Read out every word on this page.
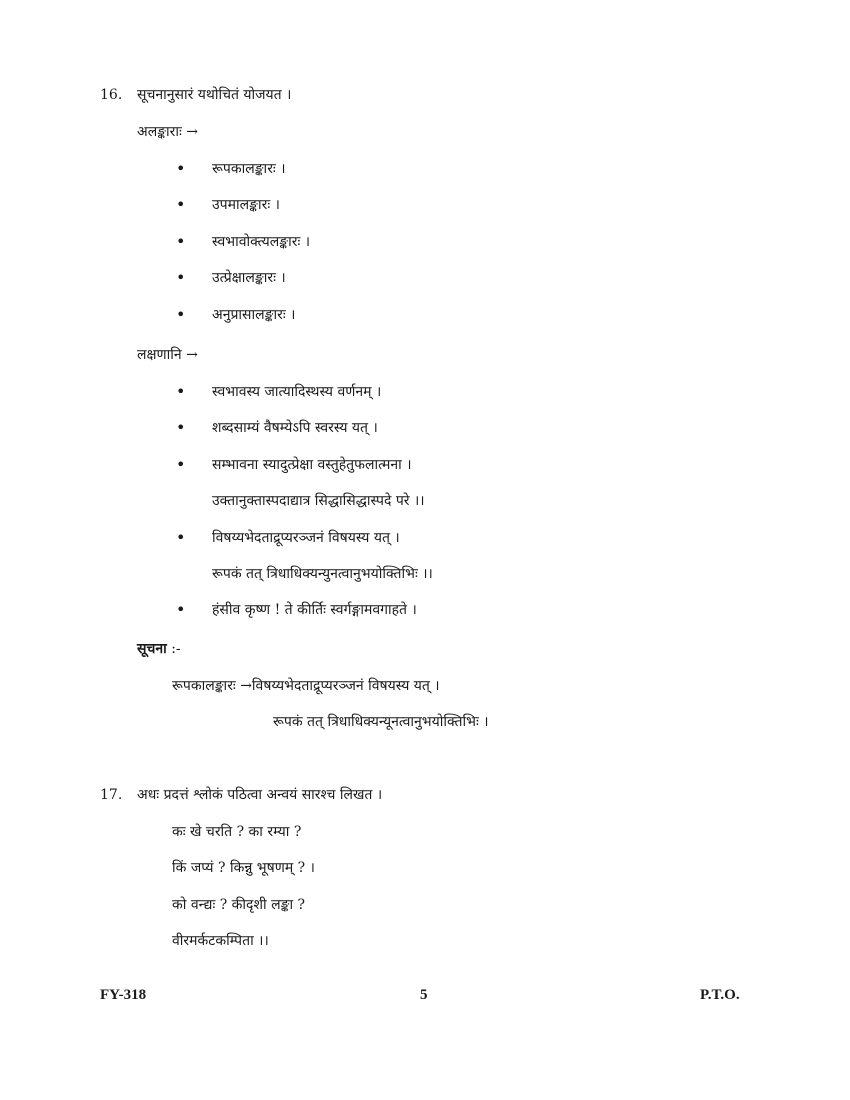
16. सूचनानुसारं यथोचितं योजयत ।
अलङ्काराः →
• रूपकालङ्कारः ।
• उपमालङ्कारः ।
• स्वभावोक्त्यलङ्कारः ।
• उत्प्रेक्षालङ्कारः ।
• अनुप्रासालङ्कारः ।
लक्षणानि →
• स्वभावस्य जात्यादिस्थस्य वर्णनम् ।
• शब्दसाम्यं वैषम्येऽपि स्वरस्य यत् ।
• सम्भावना स्यादुत्प्रेक्षा वस्तुहेतुफलात्मना ।
उक्तानुक्तास्पदाद्यात्र सिद्धासिद्धास्पदे परे ।।
• विषय्यभेदताद्रूप्यरञ्जनं विषयस्य यत् ।
रूपकं तत् त्रिधाधिक्यन्युनत्वानुभयोक्तिभिः ।।
• हंसीव कृष्ण ! ते कीर्तिः स्वर्गङ्गामवगाहते ।
सूचना :-
रूपकालङ्कारः →विषय्यभेदताद्रूप्यरञ्जनं विषयस्य यत् ।
रूपकं तत् त्रिधाधिक्यन्यूनत्वानुभयोक्तिभिः ।
17. अधः प्रदत्तं श्लोकं पठित्वा अन्वयं सारश्च लिखत ।
कः खे चरति ? का रम्या ?
किं जप्यं ? किन्नु भूषणम् ? ।
को वन्द्यः ? कीदृशी लङ्का ?
वीरमर्कटकम्पिता ।।
FY-318	5	P.T.O.
